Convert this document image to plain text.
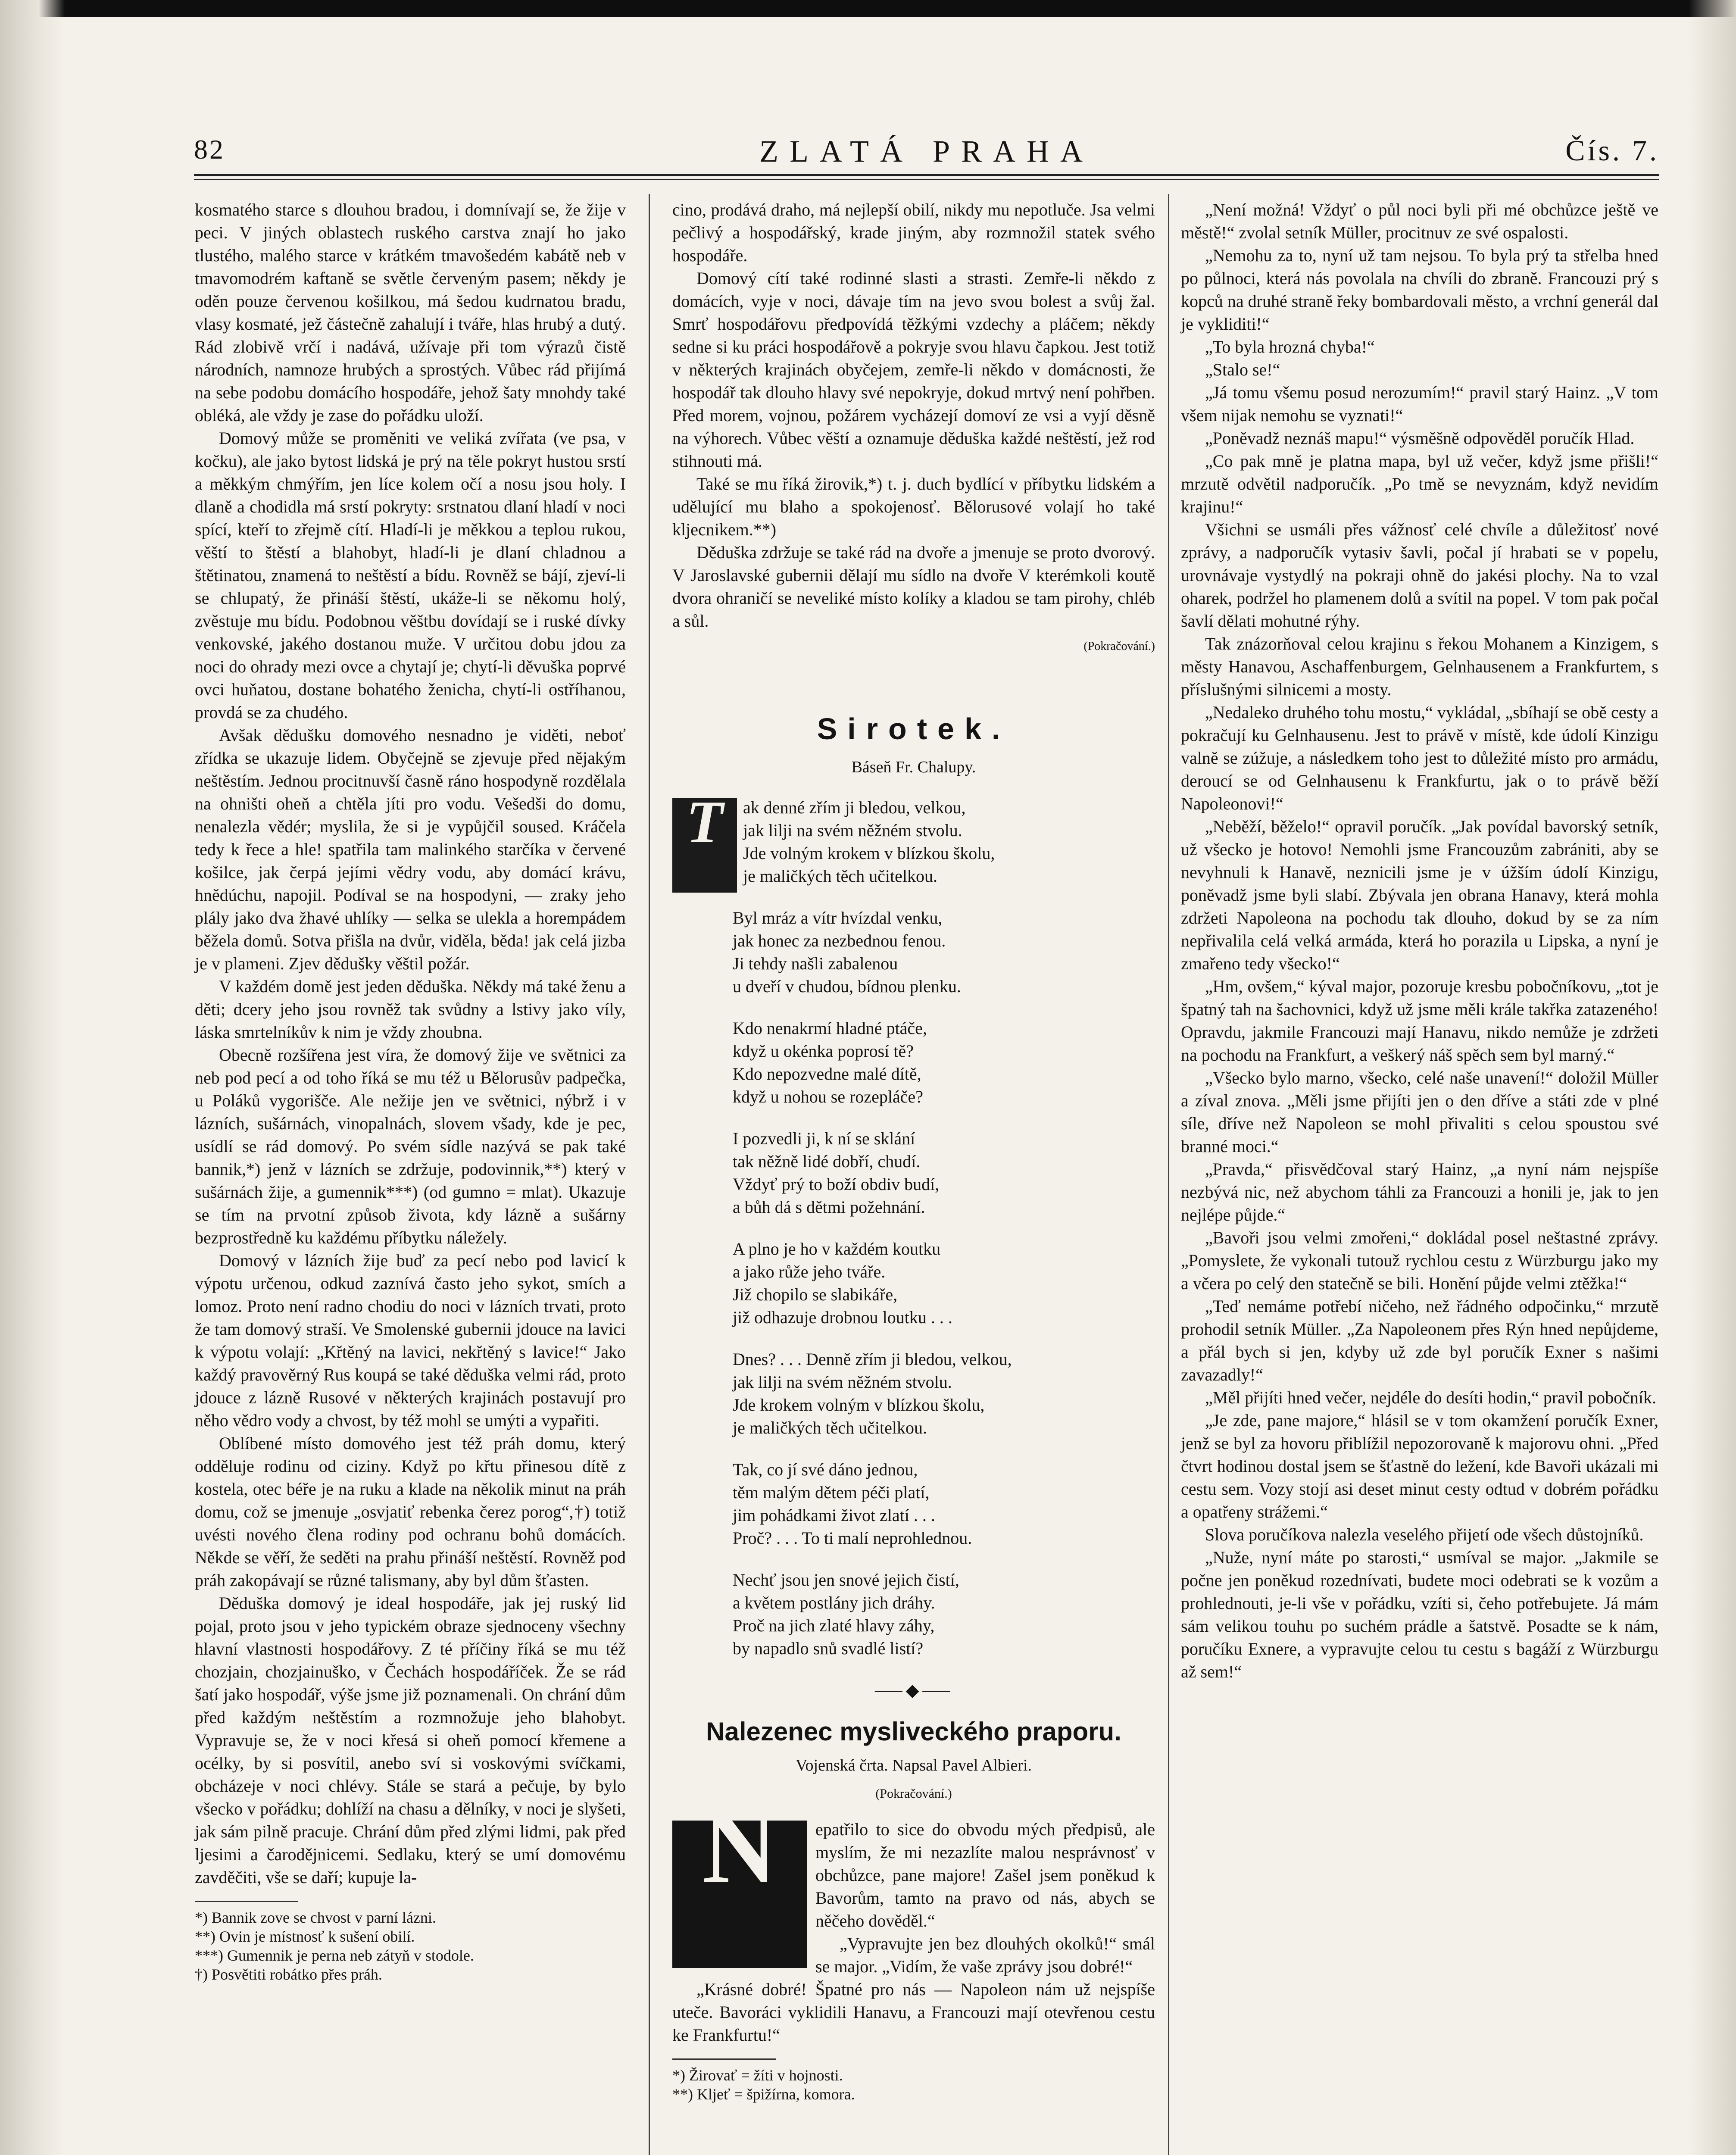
82	ZLATÁ PRAHA	Čís. 7.

kosmatého starce s dlouhou bradou, i domnívají se, že žije v peci. V jiných oblastech ruského carstva znají ho jako tlustého, malého starce v krátkém tmavošedém kabátě neb v tmavomodrém kaftaně se světle červeným pasem; někdy je oděn pouze červenou košilkou, má šedou kudrnatou bradu, vlasy kosmaté, jež částečně zahalují i tváře, hlas hrubý a dutý. Rád zlobivě vrčí i nadává, užívaje při tom výrazů čistě národních, namnoze hrubých a sprostých. Vůbec rád přijímá na sebe podobu domácího hospodáře, jehož šaty mnohdy také obléká, ale vždy je zase do pořádku uloží.

Domový může se proměniti ve veliká zvířata (ve psa, v kočku), ale jako bytost lidská je prý na těle pokryt hustou srstí a měkkým chmýřím, jen líce kolem očí a nosu jsou holy. I dlaně a chodidla má srstí pokryty: srstnatou dlaní hladí v noci spící, kteří to zřejmě cítí. Hladí-li je měkkou a teplou rukou, věští to štěstí a blahobyt, hladí-li je dlaní chladnou a štětinatou, znamená to neštěstí a bídu. Rovněž se bájí, zjeví-li se chlupatý, že přináší štěstí, ukáže-li se někomu holý, zvěstuje mu bídu. Podobnou věštbu dovídají se i ruské dívky venkovské, jakého dostanou muže. V určitou dobu jdou za noci do ohrady mezi ovce a chytají je; chytí-li děvuška poprvé ovci huňatou, dostane bohatého ženicha, chytí-li ostříhanou, provdá se za chudého.

Avšak dědušku domového nesnadno je viděti, neboť zřídka se ukazuje lidem. Obyčejně se zjevuje před nějakým neštěstím. Jednou procitnuvší časně ráno hospodyně rozdělala na ohništi oheň a chtěla jíti pro vodu. Vešedši do domu, nenalezla vědér; myslila, že si je vypůjčil soused. Kráčela tedy k řece a hle! spatřila tam malinkého starčíka v červené košilce, jak čerpá jejími vědry vodu, aby domácí krávu, hnědúchu, napojil. Podíval se na hospodyni, — zraky jeho plály jako dva žhavé uhlíky — selka se ulekla a horempádem běžela domů. Sotva přišla na dvůr, viděla, běda! jak celá jizba je v plameni. Zjev dědušky věštil požár.

V každém domě jest jeden děduška. Někdy má také ženu a děti; dcery jeho jsou rovněž tak svůdny a lstivy jako víly, láska smrtelníkův k nim je vždy zhoubna.

Obecně rozšířena jest víra, že domový žije ve světnici za neb pod pecí a od toho říká se mu též u Bělorusův padpečka, u Poláků vygorišče. Ale nežije jen ve světnici, nýbrž i v lázních, sušárnách, vinopalnách, slovem všady, kde je pec, usídlí se rád domový. Po svém sídle nazývá se pak také bannik,*) jenž v lázních se zdržuje, podovinnik,**) který v sušárnách žije, a gumennik***) (od gumno = mlat). Ukazuje se tím na prvotní způsob života, kdy lázně a sušárny bezprostředně ku každému příbytku náležely.

Domový v lázních žije buď za pecí nebo pod lavicí k výpotu určenou, odkud zaznívá často jeho sykot, smích a lomoz. Proto není radno chodiu do noci v lázních trvati, proto že tam domový straší. Ve Smolenské gubernii jdouce na lavici k výpotu volají: „Křtěný na lavici, nekřtěný s lavice!“ Jako každý pravověrný Rus koupá se také děduška velmi rád, proto jdouce z lázně Rusové v některých krajinách postavují pro něho vědro vody a chvost, by též mohl se umýti a vypařiti.

Oblíbené místo domového jest též práh domu, který odděluje rodinu od ciziny. Když po křtu přinesou dítě z kostela, otec béře je na ruku a klade na několik minut na práh domu, což se jmenuje „osvjatiť rebenka čerez porog“,†) totiž uvésti nového člena rodiny pod ochranu bohů domácích. Někde se věří, že seděti na prahu přináší neštěstí. Rovněž pod práh zakopávají se různé talismany, aby byl dům šťasten.

Děduška domový je ideal hospodáře, jak jej ruský lid pojal, proto jsou v jeho typickém obraze sjednoceny všechny hlavní vlastnosti hospodářovy. Z té příčiny říká se mu též chozjain, chozjainuško, v Čechách hospodáříček. Že se rád šatí jako hospodář, výše jsme již poznamenali. On chrání dům před každým neštěstím a rozmnožuje jeho blahobyt. Vypravuje se, že v noci křesá si oheň pomocí křemene a océlky, by si posvítil, anebo sví si voskovými svíčkami, obcházeje v noci chlévy. Stále se stará a pečuje, by bylo všecko v pořádku; dohlíží na chasu a dělníky, v noci je slyšeti, jak sám pilně pracuje. Chrání dům před zlými lidmi, pak před ljesimi a čarodějnicemi. Sedlaku, který se umí domovému zavděčiti, vše se daří; kupuje la-

*) Bannik zove se chvost v parní lázni.
**) Ovin je místnosť k sušení obilí.
***) Gumennik je perna neb zátyň v stodole.
†) Posvětiti robátko přes práh.

cino, prodává draho, má nejlepší obilí, nikdy mu nepotluče. Jsa velmi pečlivý a hospodářský, krade jiným, aby rozmnožil statek svého hospodáře.

Domový cítí také rodinné slasti a strasti. Zemře-li někdo z domácích, vyje v noci, dávaje tím na jevo svou bolest a svůj žal. Smrť hospodářovu předpovídá těžkými vzdechy a pláčem; někdy sedne si ku práci hospodářově a pokryje svou hlavu čapkou. Jest totiž v některých krajinách obyčejem, zemře-li někdo v domácnosti, že hospodář tak dlouho hlavy své nepokryje, dokud mrtvý není pohřben. Před morem, vojnou, požárem vycházejí domoví ze vsi a vyjí děsně na výhorech. Vůbec věští a oznamuje děduška každé neštěstí, jež rod stihnouti má.

Také se mu říká žirovik,*) t. j. duch bydlící v příbytku lidském a udělující mu blaho a spokojenosť. Bělorusové volají ho také kljecnikem.**)

Děduška zdržuje se také rád na dvoře a jmenuje se proto dvorový. V Jaroslavské gubernii dělají mu sídlo na dvoře V kterémkoli koutě dvora ohraničí se neveliké místo kolíky a kladou se tam pirohy, chléb a sůl.

(Pokračování.)
Sirotek.
Báseň Fr. Chalupy.
T	ak denné zřím ji bledou, velkou,
jak lilji na svém něžném stvolu.
Jde volným krokem v blízkou školu,
je maličkých těch učitelkou.
Byl mráz a vítr hvízdal venku,
jak honec za nezbednou fenou.
Ji tehdy našli zabalenou
u dveří v chudou, bídnou plenku.
Kdo nenakrmí hladné ptáče,
když u okénka poprosí tě?
Kdo nepozvedne malé dítě,
když u nohou se rozepláče?
I pozvedli ji, k ní se sklání
tak něžně lidé dobří, chudí.
Vždyť prý to boží obdiv budí,
a bůh dá s dětmi požehnání.
A plno je ho v každém koutku
a jako růže jeho tváře.
Již chopilo se slabikáře,
již odhazuje drobnou loutku . . .
Dnes? . . . Denně zřím ji bledou, velkou,
jak lilji na svém něžném stvolu.
Jde krokem volným v blízkou školu,
je maličkých těch učitelkou.
Tak, co jí své dáno jednou,
těm malým dětem péči platí,
jim pohádkami život zlatí . . .
Proč? . . . To ti malí neprohlednou.
Nechť jsou jen snové jejich čistí,
a květem postlány jich dráhy.
Proč na jich zlaté hlavy záhy,
by napadlo snů svadlé listí?
⸺◆⸺
Nalezenec mysliveckého praporu.
Vojenská črta. Napsal Pavel Albieri.
(Pokračování.)
N	epatřilo to sice do obvodu mých předpisů, ale myslím, že mi nezazlíte malou nesprávnosť v obchůzce, pane majore! Zašel jsem poněkud k Bavorům, tamto na pravo od nás, abych se něčeho dověděl.“

„Vypravujte jen bez dlouhých okolků!“ smál se major. „Vidím, že vaše zprávy jsou dobré!“

„Krásné dobré! Špatné pro nás — Napoleon nám už nejspíše uteče. Bavoráci vyklidili Hanavu, a Francouzi mají otevřenou cestu ke Frankfurtu!“

*) Žirovať = žíti v hojnosti.
**) Kljeť = špižírna, komora.

„Není možná! Vždyť o půl noci byli při mé obchůzce ještě ve městě!“ zvolal setník Müller, procitnuv ze své ospalosti.

„Nemohu za to, nyní už tam nejsou. To byla prý ta střelba hned po půlnoci, která nás povolala na chvíli do zbraně. Francouzi prý s kopců na druhé straně řeky bombardovali město, a vrchní generál dal je vykliditi!“

„To byla hrozná chyba!“

„Stalo se!“

„Já tomu všemu posud nerozumím!“ pravil starý Hainz. „V tom všem nijak nemohu se vyznati!“

„Poněvadž neznáš mapu!“ výsměšně odpověděl poručík Hlad.

„Co pak mně je platna mapa, byl už večer, když jsme přišli!“ mrzutě odvětil nadporučík. „Po tmě se nevyznám, když nevidím krajinu!“

Všichni se usmáli přes vážnosť celé chvíle a důležitosť nové zprávy, a nadporučík vytasiv šavli, počal jí hrabati se v popelu, urovnávaje vystydlý na pokraji ohně do jakési plochy. Na to vzal oharek, podržel ho plamenem dolů a svítil na popel. V tom pak počal šavlí dělati mohutné rýhy.

Tak znázorňoval celou krajinu s řekou Mohanem a Kinzigem, s městy Hanavou, Aschaffenburgem, Gelnhausenem a Frankfurtem, s příslušnými silnicemi a mosty.

„Nedaleko druhého tohu mostu,“ vykládal, „sbíhají se obě cesty a pokračují ku Gelnhausenu. Jest to právě v místě, kde údolí Kinzigu valně se zúžuje, a následkem toho jest to důležité místo pro armádu, deroucí se od Gelnhausenu k Frankfurtu, jak o to právě běží Napoleonovi!“

„Neběží, běželo!“ opravil poručík. „Jak povídal bavorský setník, už všecko je hotovo! Nemohli jsme Francouzům zabrániti, aby se nevyhnuli k Hanavě, neznicili jsme je v úžším údolí Kinzigu, poněvadž jsme byli slabí. Zbývala jen obrana Hanavy, která mohla zdržeti Napoleona na pochodu tak dlouho, dokud by se za ním nepřivalila celá velká armáda, která ho porazila u Lipska, a nyní je zmařeno tedy všecko!“

„Hm, ovšem,“ kýval major, pozoruje kresbu pobočníkovu, „tot je špatný tah na šachovnici, když už jsme měli krále takřka zatazeného! Opravdu, jakmile Francouzi mají Hanavu, nikdo nemůže je zdržeti na pochodu na Frankfurt, a veškerý náš spěch sem byl marný.“

„Všecko bylo marno, všecko, celé naše unavení!“ doložil Müller a zíval znova. „Měli jsme přijíti jen o den dříve a státi zde v plné síle, dříve než Napoleon se mohl přivaliti s celou spoustou své branné moci.“

„Pravda,“ přisvědčoval starý Hainz, „a nyní nám nejspíše nezbývá nic, než abychom táhli za Francouzi a honili je, jak to jen nejlépe půjde.“

„Bavoři jsou velmi zmořeni,“ dokládal posel neštastné zprávy. „Pomyslete, že vykonali tutouž rychlou cestu z Würzburgu jako my a včera po celý den statečně se bili. Honění půjde velmi ztěžka!“

„Teď nemáme potřebí ničeho, než řádného odpočinku,“ mrzutě prohodil setník Müller. „Za Napoleonem přes Rýn hned nepůjdeme, a přál bych si jen, kdyby už zde byl poručík Exner s našimi zavazadly!“

„Měl přijíti hned večer, nejdéle do desíti hodin,“ pravil pobočník.

„Je zde, pane majore,“ hlásil se v tom okamžení poručík Exner, jenž se byl za hovoru přiblížil nepozorovaně k majorovu ohni. „Před čtvrt hodinou dostal jsem se šťastně do ležení, kde Bavoři ukázali mi cestu sem. Vozy stojí asi deset minut cesty odtud v dobrém pořádku a opatřeny strážemi.“

Slova poručíkova nalezla veselého přijetí ode všech důstojníků.

„Nuže, nyní máte po starosti,“ usmíval se major. „Jakmile se počne jen poněkud rozednívati, budete moci odebrati se k vozům a prohlednouti, je-li vše v pořádku, vzíti si, čeho potřebujete. Já mám sám velikou touhu po suchém prádle a šatstvě. Posadte se k nám, poručíku Exnere, a vypravujte celou tu cestu s bagáží z Würzburgu až sem!“
